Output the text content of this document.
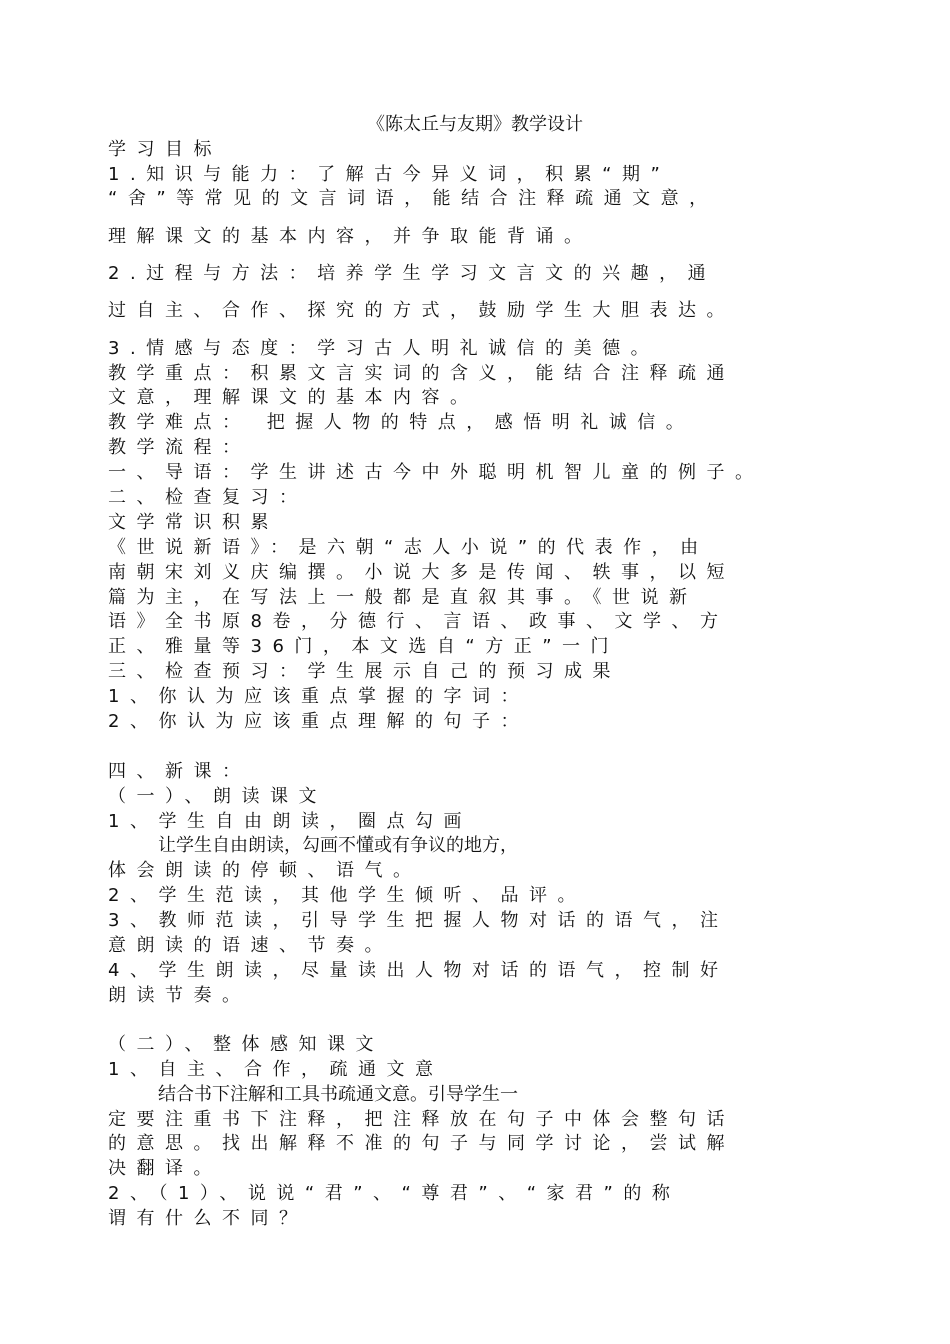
《陈太丘与友期》教学设计
学习目标
1.知识与能力：了解古今异义词，积累“期”
“舍”等常见的文言词语，能结合注释疏通文意，
理解课文的基本内容，并争取能背诵。
2.过程与方法：培养学生学习文言文的兴趣，通
过自主、合作、探究的方式，鼓励学生大胆表达。
3.情感与态度：学习古人明礼诚信的美德。
教学重点：积累文言实词的含义，能结合注释疏通
文意，理解课文的基本内容。
教学难点： 把握人物的特点，感悟明礼诚信。
教学流程：
一、导语：学生讲述古今中外聪明机智儿童的例子。
二、检查复习：
文学常识积累
《世说新语》：是六朝“志人小说”的代表作，由
南朝宋刘义庆编撰。小说大多是传闻、轶事，以短
篇为主，在写法上一般都是直叙其事。《世说新
语》全书原8卷，分德行、言语、政事、文学、方
正、雅量等36门，本文选自“方正”一门
三、检查预习：学生展示自己的预习成果
1、你认为应该重点掌握的字词：
2、你认为应该重点理解的句子：
四、新课：
（一）、朗读课文
1、学生自由朗读，圈点勾画
让学生自由朗读，勾画不懂或有争议的地方，
体会朗读的停顿、语气。
2、学生范读，其他学生倾听、品评。
3、教师范读，引导学生把握人物对话的语气，注
意朗读的语速、节奏。
4、学生朗读，尽量读出人物对话的语气，控制好
朗读节奏。
（二）、整体感知课文
1、自主、合作，疏通文意
结合书下注解和工具书疏通文意。引导学生一
定要注重书下注释，把注释放在句子中体会整句话
的意思。找出解释不准的句子与同学讨论，尝试解
决翻译。
2、（1）、说说“君”、“尊君”、“家君”的称
谓有什么不同？
